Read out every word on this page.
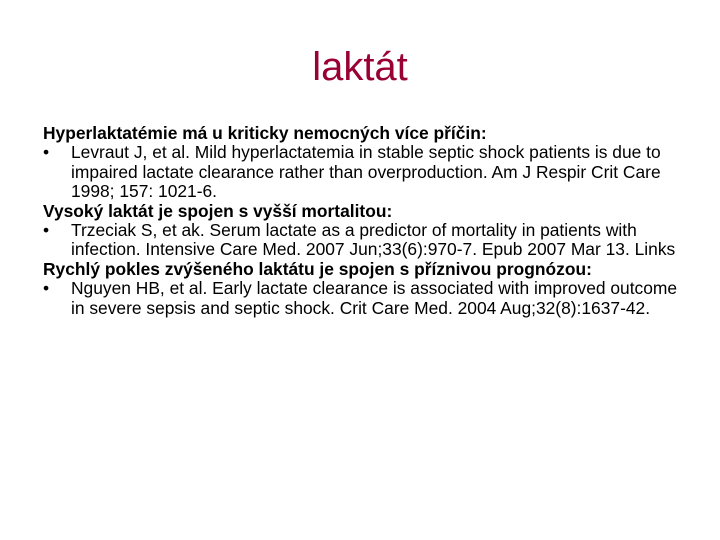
laktát

Hyperlaktatémie má u kriticky nemocných více příčin:

•	Levraut J, et al. Mild hyperlactatemia in stable septic shock patients is due to impaired lactate clearance rather than overproduction. Am J Respir Crit Care 1998; 157: 1021-6.

Vysoký laktát je spojen s vyšší mortalitou:

•	Trzeciak S, et ak. Serum lactate as a predictor of mortality in patients with infection. Intensive Care Med. 2007 Jun;33(6):970-7. Epub 2007 Mar 13. Links

Rychlý pokles zvýšeného laktátu je spojen s příznivou prognózou:

•	Nguyen HB, et al. Early lactate clearance is associated with improved outcome in severe sepsis and septic shock. Crit Care Med. 2004 Aug;32(8):1637-42.
